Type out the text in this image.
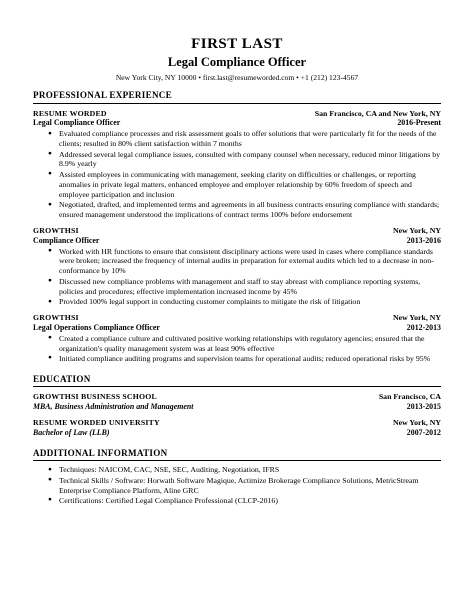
FIRST LAST
Legal Compliance Officer
New York City, NY 10000 • first.last@resumeworded.com • +1 (212) 123-4567
PROFESSIONAL EXPERIENCE
RESUME WORDED	San Francisco, CA and New York, NY
Legal Compliance Officer	2016-Present
● Evaluated compliance processes and risk assessment goals to offer solutions that were particularly fit for the needs of the clients; resulted in 80% client satisfaction within 7 months
● Addressed several legal compliance issues, consulted with company counsel when necessary, reduced minor litigations by 8.9% yearly
● Assisted employees in communicating with management, seeking clarity on difficulties or challenges, or reporting anomalies in private legal matters, enhanced employee and employer relationship by 60% freedom of speech and employee participation and inclusion
● Negotiated, drafted, and implemented terms and agreements in all business contracts ensuring compliance with standards; ensured management understood the implications of contract terms 100% before endorsement
GROWTHSI	New York, NY
Compliance Officer	2013-2016
● Worked with HR functions to ensure that consistent disciplinary actions were used in cases where compliance standards were broken; increased the frequency of internal audits in preparation for external audits which led to a decrease in non-conformance by 10%
● Discussed new compliance problems with management and staff to stay abreast with compliance reporting systems, policies and procedures; effective implementation increased income by 45%
● Provided 100% legal support in conducting customer complaints to mitigate the risk of litigation
GROWTHSI	New York, NY
Legal Operations Compliance Officer	2012-2013
● Created a compliance culture and cultivated positive working relationships with regulatory agencies; ensured that the organization's quality management system was at least 90% effective
● Initiated compliance auditing programs and supervision teams for operational audits; reduced operational risks by 95%
EDUCATION
GROWTHSI BUSINESS SCHOOL	San Francisco, CA
MBA, Business Administration and Management	2013-2015
RESUME WORDED UNIVERSITY	New York, NY
Bachelor of Law (LLB)	2007-2012
ADDITIONAL INFORMATION
● Techniques: NAICOM, CAC, NSE, SEC, Auditing, Negotiation, IFRS
● Technical Skills / Software: Horwath Software Magique, Actimize Brokerage Compliance Solutions, MetricStream Enterprise Compliance Platform, Aline GRC
● Certifications: Certified Legal Compliance Professional (CLCP-2016)
